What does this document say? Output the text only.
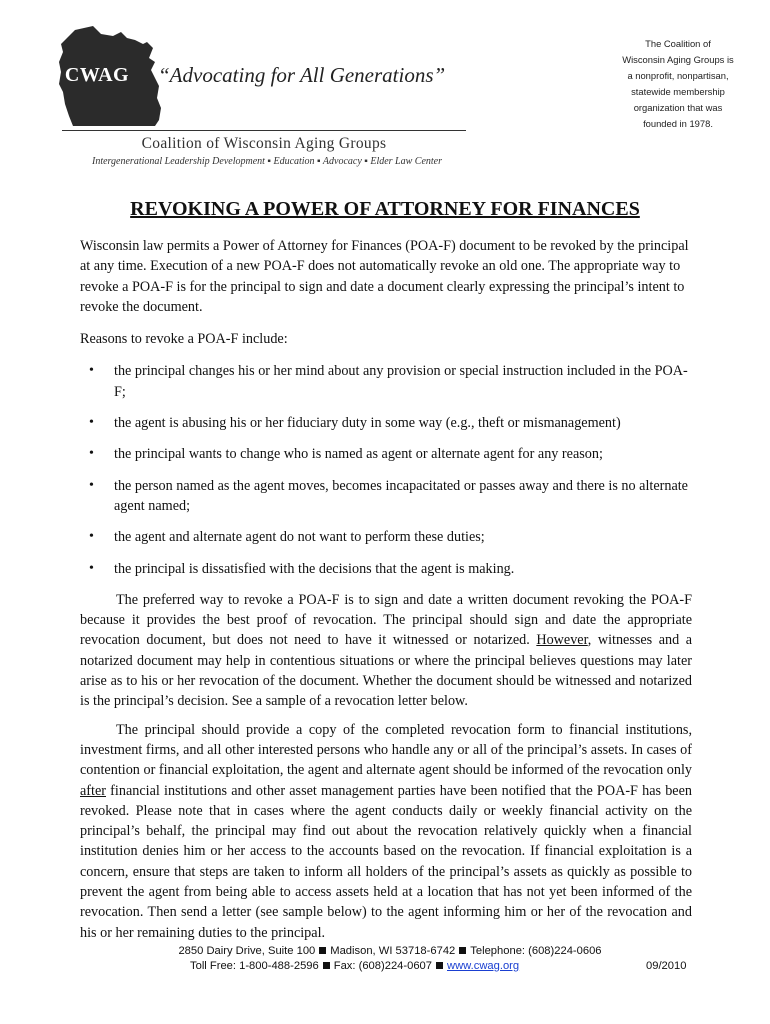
CWAG “Advocating for All Generations”
The Coalition of
Wisconsin Aging Groups is
a nonprofit, nonpartisan,
statewide membership
organization that was
founded in 1978.
Coalition of Wisconsin Aging Groups
Intergenerational Leadership Development ▪ Education ▪ Advocacy ▪ Elder Law Center
REVOKING A POWER OF ATTORNEY FOR FINANCES

Wisconsin law permits a Power of Attorney for Finances (POA-F) document to be revoked by the principal at any time. Execution of a new POA-F does not automatically revoke an old one. The appropriate way to revoke a POA-F is for the principal to sign and date a document clearly expressing the principal’s intent to revoke the document.

Reasons to revoke a POA-F include:

• the principal changes his or her mind about any provision or special instruction included in the POA-F;
• the agent is abusing his or her fiduciary duty in some way (e.g., theft or mismanagement)
• the principal wants to change who is named as agent or alternate agent for any reason;
• the person named as the agent moves, becomes incapacitated or passes away and there is no alternate agent named;
• the agent and alternate agent do not want to perform these duties;
• the principal is dissatisfied with the decisions that the agent is making.

The preferred way to revoke a POA-F is to sign and date a written document revoking the POA-F because it provides the best proof of revocation. The principal should sign and date the appropriate revocation document, but does not need to have it witnessed or notarized. However, witnesses and a notarized document may help in contentious situations or where the principal believes questions may later arise as to his or her revocation of the document. Whether the document should be witnessed and notarized is the principal’s decision. See a sample of a revocation letter below.

The principal should provide a copy of the completed revocation form to financial institutions, investment firms, and all other interested persons who handle any or all of the principal’s assets. In cases of contention or financial exploitation, the agent and alternate agent should be informed of the revocation only after financial institutions and other asset management parties have been notified that the POA-F has been revoked. Please note that in cases where the agent conducts daily or weekly financial activity on the principal’s behalf, the principal may find out about the revocation relatively quickly when a financial institution denies him or her access to the accounts based on the revocation. If financial exploitation is a concern, ensure that steps are taken to inform all holders of the principal’s assets as quickly as possible to prevent the agent from being able to access assets held at a location that has not yet been informed of the revocation. Then send a letter (see sample below) to the agent informing him or her of the revocation and his or her remaining duties to the principal.

2850 Dairy Drive, Suite 100 Madison, WI 53718-6742 Telephone: (608)224-0606
Toll Free: 1-800-488-2596 Fax: (608)224-0607 www.cwag.org	09/2010
